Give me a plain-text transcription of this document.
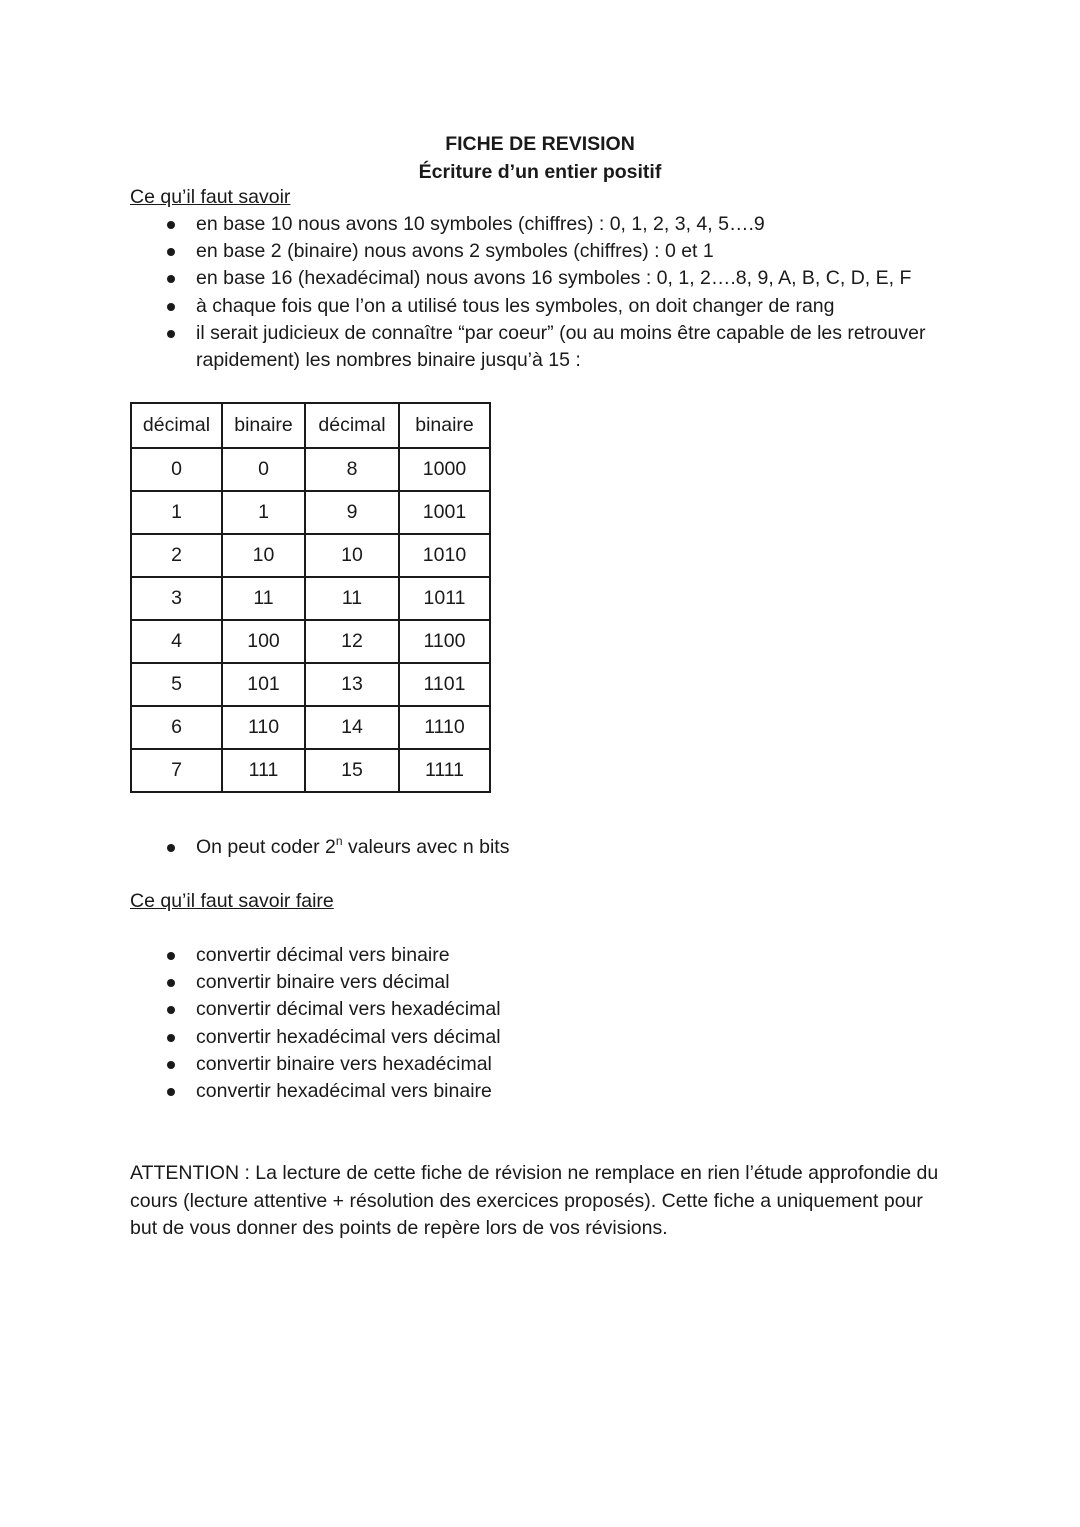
FICHE DE REVISION
Écriture d’un entier positif
Ce qu’il faut savoir
en base 10 nous avons 10 symboles (chiffres) : 0, 1, 2, 3, 4, 5….9
en base 2 (binaire) nous avons 2 symboles (chiffres) : 0 et 1
en base 16 (hexadécimal) nous avons 16 symboles : 0, 1, 2….8, 9, A, B, C, D, E, F
à chaque fois que l’on a utilisé tous les symboles, on doit changer de rang
il serait judicieux de connaître “par coeur” (ou au moins être capable de les retrouver rapidement) les nombres binaire jusqu’à 15 :
décimal	binaire	décimal	binaire
0	0	8	1000
1	1	9	1001
2	10	10	1010
3	11	11	1011
4	100	12	1100
5	101	13	1101
6	110	14	1110
7	111	15	1111
On peut coder 2$^n$ valeurs avec n bits
Ce qu’il faut savoir faire
convertir décimal vers binaire
convertir binaire vers décimal
convertir décimal vers hexadécimal
convertir hexadécimal vers décimal
convertir binaire vers hexadécimal
convertir hexadécimal vers binaire
ATTENTION : La lecture de cette fiche de révision ne remplace en rien l’étude approfondie du cours (lecture attentive + résolution des exercices proposés). Cette fiche a uniquement pour but de vous donner des points de repère lors de vos révisions.
